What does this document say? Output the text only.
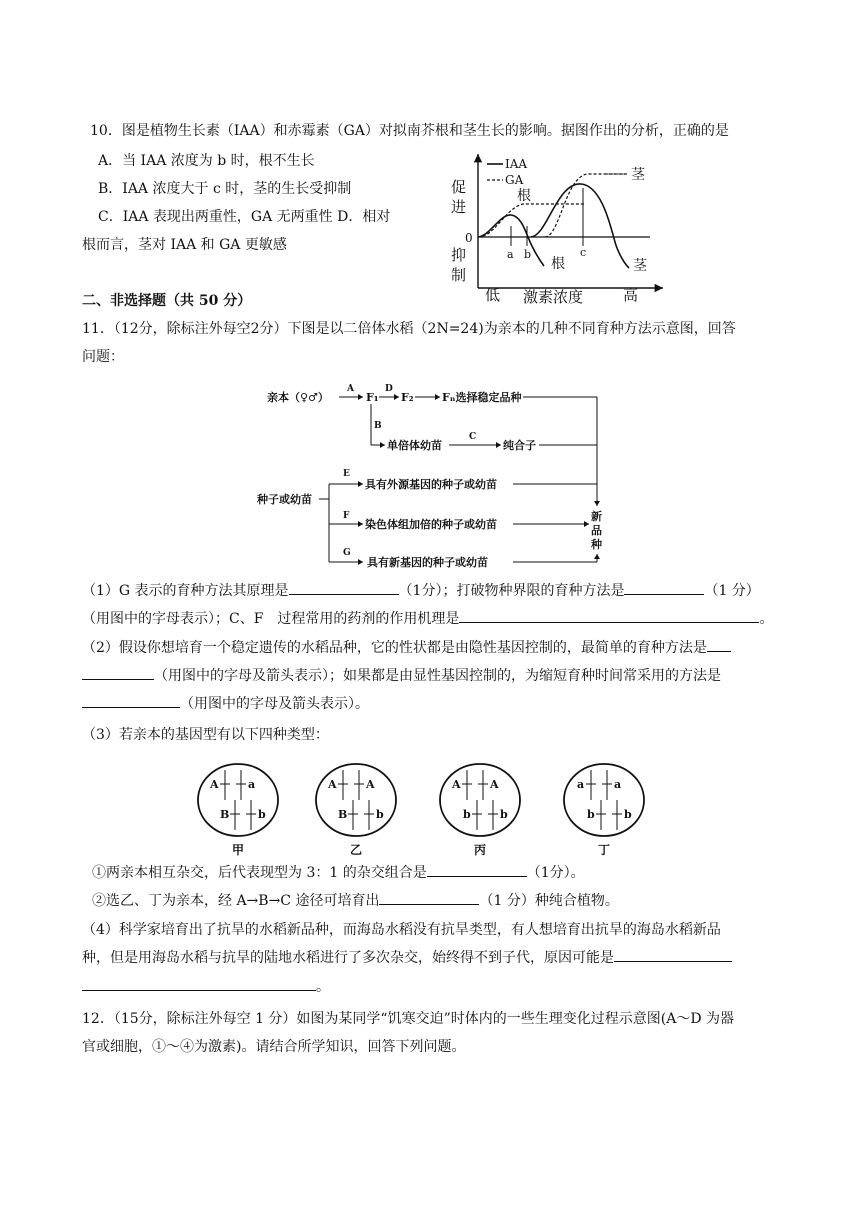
10．图是植物生长素（IAA）和赤霉素（GA）对拟南芥根和茎生长的影响。据图作出的分析，正确的是
A．当 IAA 浓度为 b 时，根不生长
B．IAA 浓度大于 c 时，茎的生长受抑制
C．IAA 表现出两重性，GA 无两重性 D．相对
根而言，茎对 IAA 和 GA 更敏感
IAA
GA
促
进
0
抑
制
a b	c
根
茎
根	茎
低 激素浓度	高
二、非选择题（共 50 分）
11．（12分，除标注外每空2分）下图是以二倍体水稻（2N=24)为亲本的几种不同育种方法示意图，回答
问题：
亲本（♀♂）
A
F₁
D
F₂	Fₙ选择稳定品种
B
单倍体幼苗
C
纯合子
种子或幼苗
E
具有外源基因的种子或幼苗
F
染色体组加倍的种子或幼苗
G
具有新基因的种子或幼苗
新
品
种
（1）G 表示的育种方法其原理是	（1分）；打破物种界限的育种方法是	（1 分）
（用图中的字母表示）；C、F　过程常用的药剂的作用机理是	。
（2）假设你想培育一个稳定遗传的水稻品种，它的性状都是由隐性基因控制的，最简单的育种方法是
（用图中的字母及箭头表示）；如果都是由显性基因控制的，为缩短育种时间常采用的方法是
（用图中的字母及箭头表示）。
（3）若亲本的基因型有以下四种类型：
A	a
B	b
甲
A	A
B	b
乙
A	A
b	b
丙
a	a
b	b
丁
①两亲本相互杂交，后代表现型为 3：1 的杂交组合是	（1分）。
②选乙、丁为亲本，经 A→B→C 途径可培育出	（1 分）种纯合植物。
（4）科学家培育出了抗旱的水稻新品种，而海岛水稻没有抗旱类型，有人想培育出抗旱的海岛水稻新品
种，但是用海岛水稻与抗旱的陆地水稻进行了多次杂交，始终得不到子代，原因可能是
。
12．（15分，除标注外每空 1 分）如图为某同学“饥寒交迫”时体内的一些生理变化过程示意图(A～D 为器
官或细胞，①～④为激素)。请结合所学知识，回答下列问题。
